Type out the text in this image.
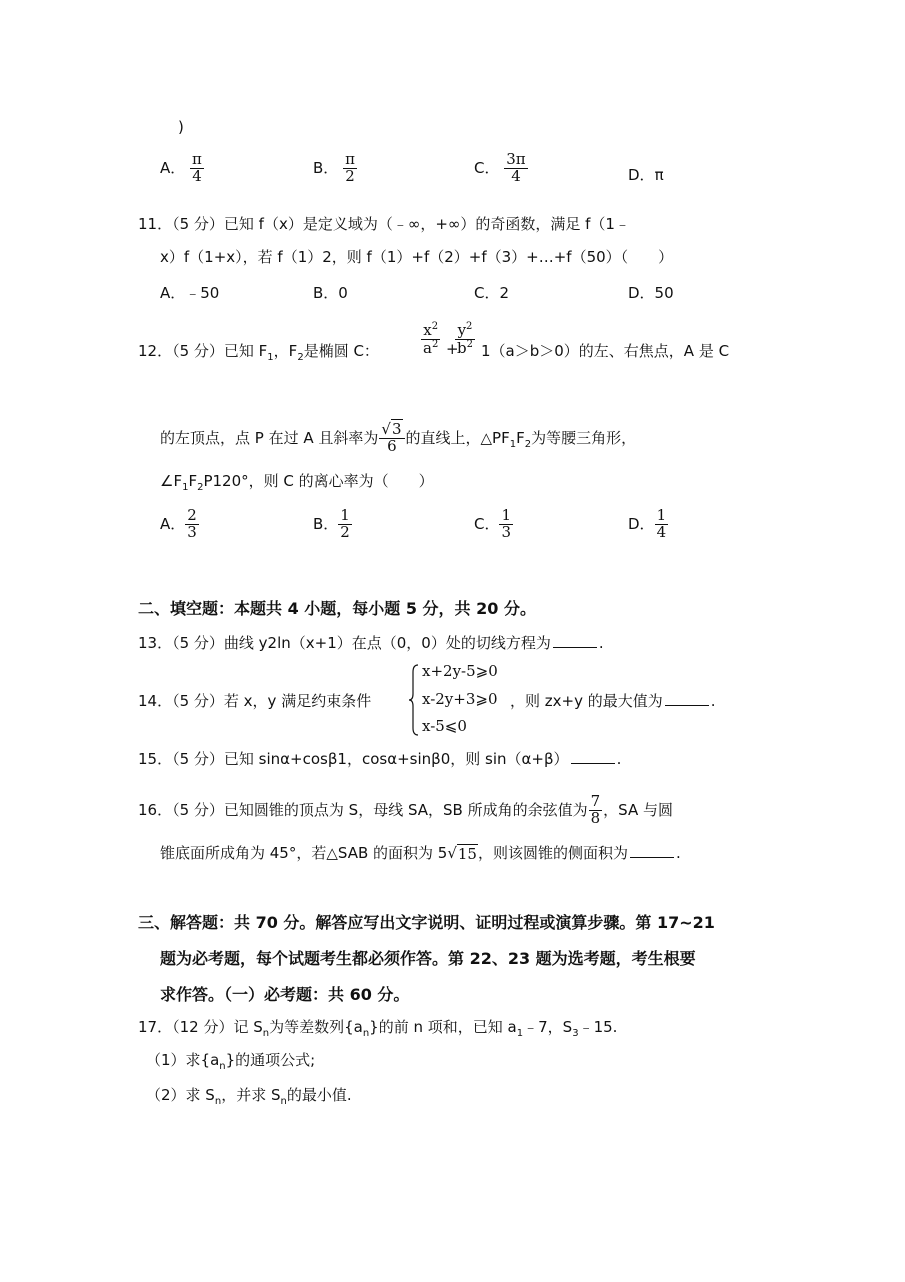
)
A． $\frac{\pi}{4}$	B． $\frac{\pi}{2}$	C． $\frac{3\pi}{4}$	D．π
11．（5 分）已知 f（x）是定义域为（﹣∞，+∞）的奇函数，满足 f（1﹣
x）f（1+x），若 f（1）2，则 f（1）+f（2）+f（3）+…+f（50）（　　）
A．﹣50	B．0	C．2	D．50
12．（5 分）已知 $F_1$，$F_2$是椭圆 C：	$\frac{x^2}{a^2}$ +
$\frac{y^2}{b^2} 1(a>b>0)$的左、右焦点，A 是 C
的左顶点，点 P 在过 A 且斜率为 $\frac{√3}{6}$ 的直线上，$\triangle PF_1F_2$为等腰三角形，
$\angle F_1F_2P120^\circ$，则 C 的离心率为（　　）
A． $\frac{2}{3}$	B． $\frac{1}{2}$	C． $\frac{1}{3}$	D． $\frac{1}{4}$
二、填空题：本题共 4 小题，每小题 5 分，共 20 分。
13．（5 分）曲线 y2ln（x+1）在点（0，0）处的切线方程为	.
14．（5 分）若 x，y 满足约束条件
x+2y-5⩾0
x-2y+3⩾0
x-5⩽0
，则 zx+y 的最大值为	.
15．（5 分）已知 sinα+cosβ1，cosα+sinβ0，则 sin（α+β）	.
16．（5 分）已知圆锥的顶点为 S，母线 SA，SB 所成角的余弦值为 $\frac{7}{8}$ ，SA 与圆
锥底面所成角为 45°，若△SAB 的面积为 5√15，则该圆锥的侧面积为	.
三、解答题：共 70 分。解答应写出文字说明、证明过程或演算步骤。第 17~21
题为必考题，每个试题考生都必须作答。第 22、23 题为选考题，考生根要
求作答。（一）必考题：共 60 分。
17．（12 分）记 $S_n$为等差数列$\{a_n\}$的前 n 项和，已知 $a_1﹣7$，$S_3﹣15$.
（1）求$\{a_n\}$的通项公式;
（2）求 $S_n$，并求 $S_n$的最小值.
